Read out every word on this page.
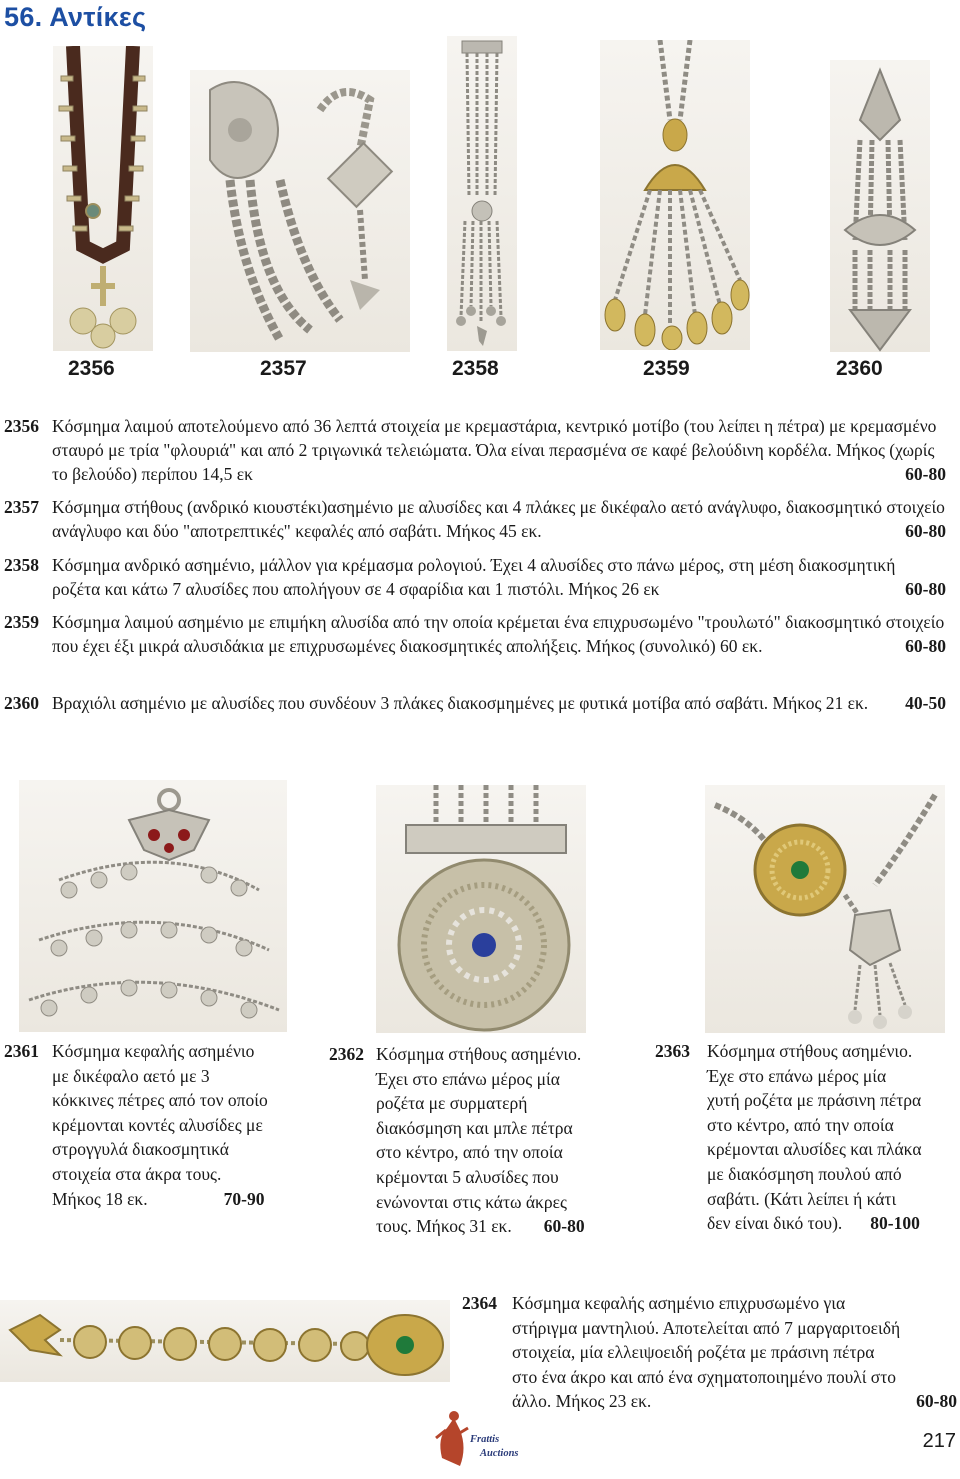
56. Αντίκες
2356	2357	2358	2359	2360
2356 Κόσμημα λαιμού αποτελούμενο από 36 λεπτά στοιχεία με κρεμαστάρια, κεντρικό μοτίβο (του λείπει η πέτρα) με κρεμασμένο σταυρό με τρία "φλουριά" και από 2 τριγωνικά τελειώματα. Όλα είναι περασμένα σε καφέ βελούδινη κορδέλα. Μήκος (χωρίς το βελούδο) περίπου 14,5 εκ	60-80
2357 Κόσμημα στήθους (ανδρικό κιουστέκι)ασημένιο με αλυσίδες και 4 πλάκες με δικέφαλο αετό ανάγλυφο, διακοσμητικό στοιχείο ανάγλυφο και δύο "αποτρεπτικές" κεφαλές από σαβάτι. Μήκος 45 εκ.	60-80
2358 Κόσμημα ανδρικό ασημένιο, μάλλον για κρέμασμα ρολογιού. Έχει 4 αλυσίδες στο πάνω μέρος, στη μέση διακοσμητική ροζέτα και κάτω 7 αλυσίδες που απολήγουν σε 4 σφαρίδια και 1 πιστόλι. Μήκος 26 εκ	60-80
2359 Κόσμημα λαιμού ασημένιο με επιμήκη αλυσίδα από την οποία κρέμεται ένα επιχρυσωμένο "τρουλωτό" διακοσμητικό στοιχείο που έχει έξι μικρά αλυσιδάκια με επιχρυσωμένες διακοσμητικές απολήξεις. Μήκος (συνολικό) 60 εκ.	60-80
2360 Βραχιόλι ασημένιο με αλυσίδες που συνδέουν 3 πλάκες διακοσμημένες με φυτικά μοτίβα από σαβάτι. Μήκος 21 εκ. 40-50
2361 Κόσμημα κεφαλής ασημένιο
με δικέφαλο αετό με 3
κόκκινες πέτρες από τον οποίο
κρέμονται κοντές αλυσίδες με
στρογγυλά διακοσμητικά
στοιχεία στα άκρα τους.
Μήκος 18 εκ.	70-90
2362 Κόσμημα στήθους ασημένιο.
Έχει στο επάνω μέρος μία
ροζέτα με συρματερή
διακόσμηση και μπλε πέτρα
στο κέντρο, από την οποία
κρέμονται 5 αλυσίδες που
ενώνονται στις κάτω άκρες
τους. Μήκος 31 εκ. 60-80
2363 Κόσμημα στήθους ασημένιο.
Έχε στο επάνω μέρος μία
χυτή ροζέτα με πράσινη πέτρα
στο κέντρο, από την οποία
κρέμονται αλυσίδες και πλάκα
με διακόσμηση πουλού από
σαβάτι. (Κάτι λείπει ή κάτι
δεν είναι δικό του). 80-100
2364 Κόσμημα κεφαλής ασημένιο επιχρυσωμένο για
στήριγμα μαντηλιού. Αποτελείται από 7 μαργαριτοειδή
στοιχεία, μία ελλειψοειδή ροζέτα με πράσινη πέτρα
στο ένα άκρο και από ένα σχηματοποιημένο πουλί στο
άλλο. Μήκος 23 εκ.	60-80
Frattis
Auctions
217
